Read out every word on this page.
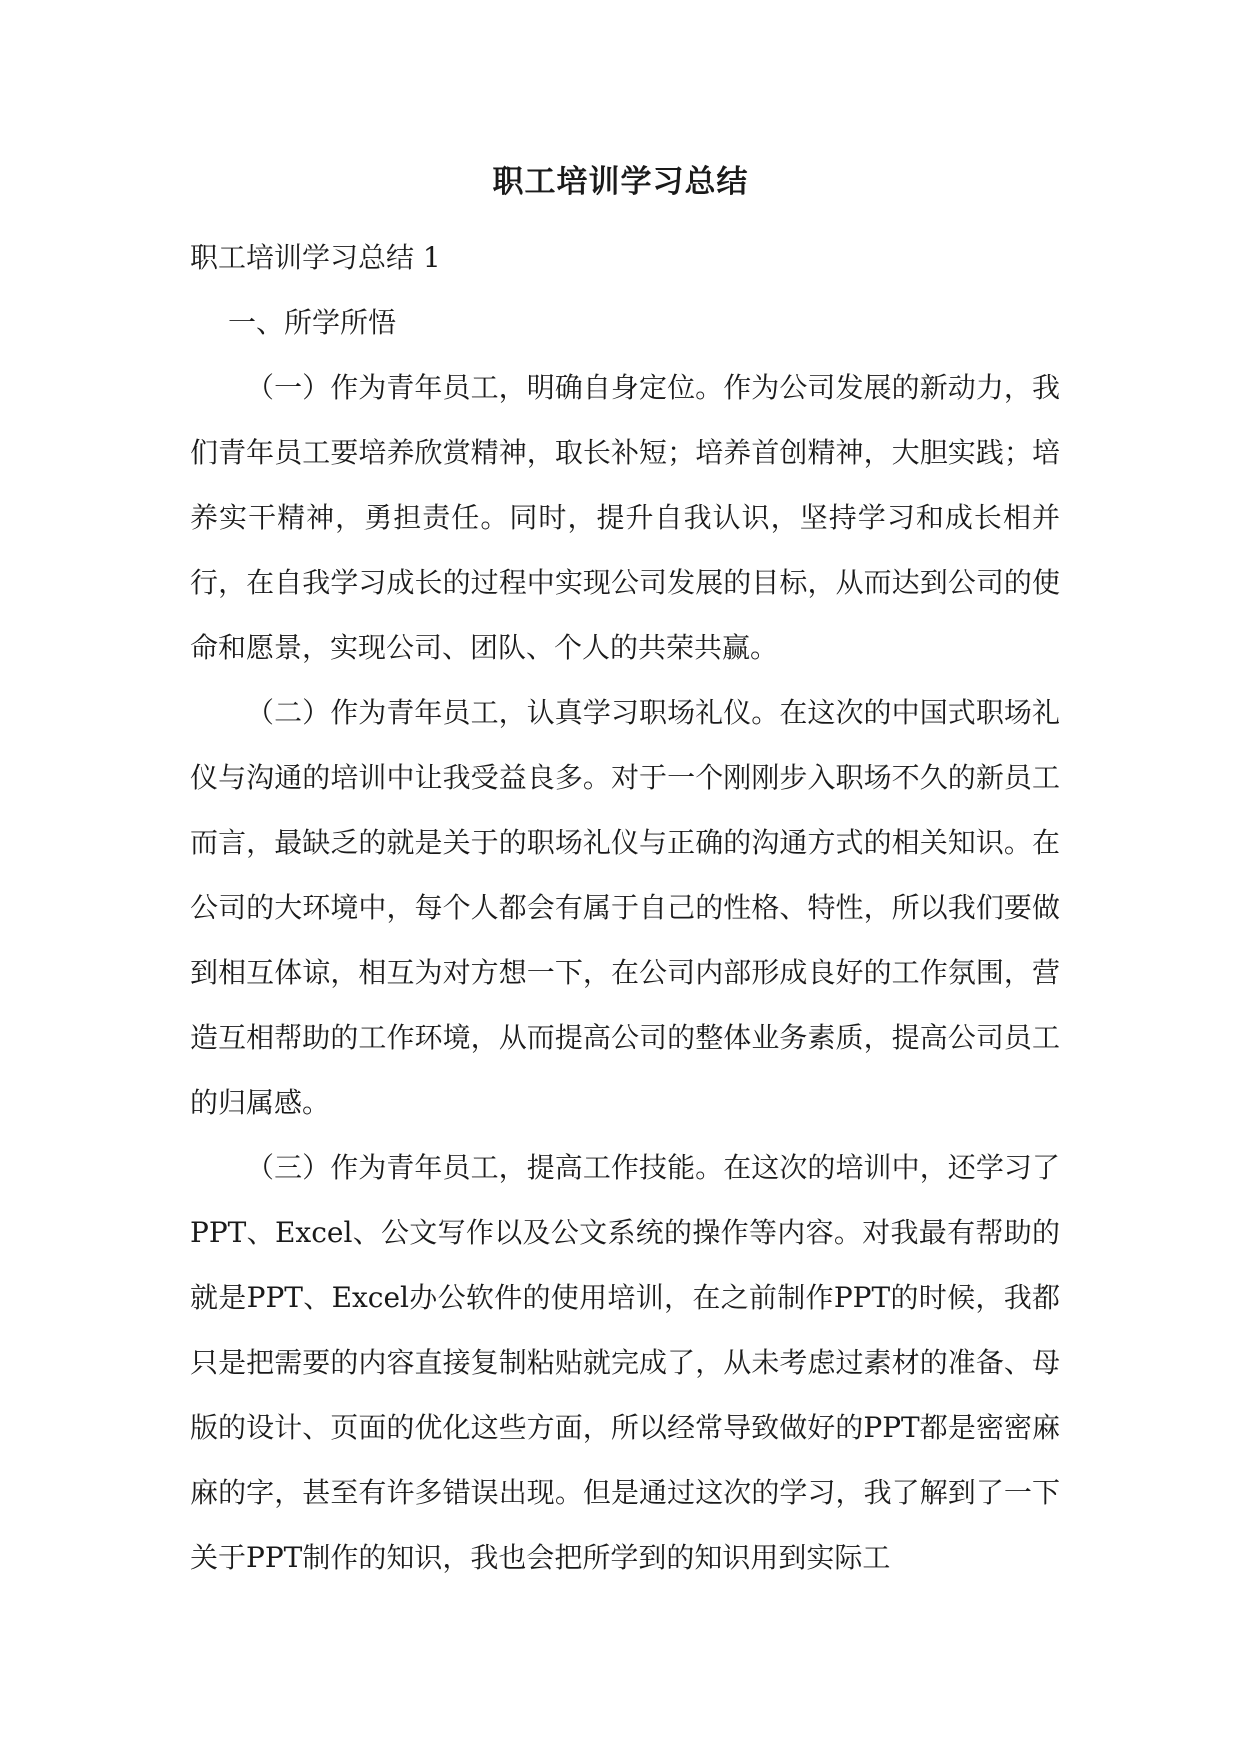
职工培训学习总结

职工培训学习总结 1

一、所学所悟

（一）作为青年员工，明确自身定位。作为公司发展的新动力，我们青年员工要培养欣赏精神，取长补短；培养首创精神，大胆实践；培养实干精神，勇担责任。同时，提升自我认识，坚持学习和成长相并行，在自我学习成长的过程中实现公司发展的目标，从而达到公司的使命和愿景，实现公司、团队、个人的共荣共赢。

（二）作为青年员工，认真学习职场礼仪。在这次的中国式职场礼仪与沟通的培训中让我受益良多。对于一个刚刚步入职场不久的新员工而言，最缺乏的就是关于的职场礼仪与正确的沟通方式的相关知识。在公司的大环境中，每个人都会有属于自己的性格、特性，所以我们要做到相互体谅，相互为对方想一下，在公司内部形成良好的工作氛围，营造互相帮助的工作环境，从而提高公司的整体业务素质，提高公司员工的归属感。

（三）作为青年员工，提高工作技能。在这次的培训中，还学习了PPT、Excel、公文写作以及公文系统的操作等内容。对我最有帮助的就是PPT、Excel办公软件的使用培训，在之前制作PPT的时候，我都只是把需要的内容直接复制粘贴就完成了，从未考虑过素材的准备、母版的设计、页面的优化这些方面，所以经常导致做好的PPT都是密密麻麻的字，甚至有许多错误出现。但是通过这次的学习，我了解到了一下关于PPT制作的知识，我也会把所学到的知识用到实际工
